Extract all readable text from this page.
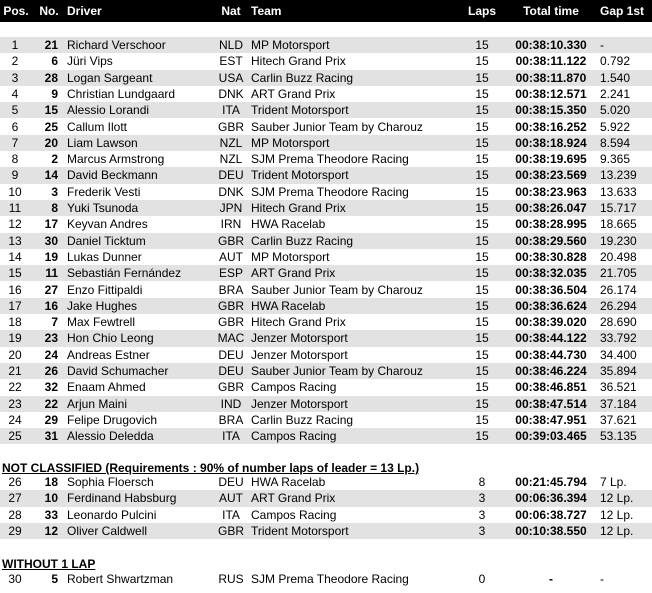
Pos. No. Driver	Nat Team	Laps	Total time	Gap 1st
1	21 Richard Verschoor	NLD MP Motorsport	15	00:38:10.330	-
2	6 Jüri Vips	EST Hitech Grand Prix	15	00:38:11.122	0.792
3	28 Logan Sargeant	USA Carlin Buzz Racing	15	00:38:11.870	1.540
4	9 Christian Lundgaard	DNK ART Grand Prix	15	00:38:12.571	2.241
5	15 Alessio Lorandi	ITA Trident Motorsport	15	00:38:15.350	5.020
6	25 Callum Ilott	GBR Sauber Junior Team by Charouz	15	00:38:16.252	5.922
7	20 Liam Lawson	NZL MP Motorsport	15	00:38:18.924	8.594
8	2 Marcus Armstrong	NZL SJM Prema Theodore Racing	15	00:38:19.695	9.365
9	14 David Beckmann	DEU Trident Motorsport	15	00:38:23.569	13.239
10	3 Frederik Vesti	DNK SJM Prema Theodore Racing	15	00:38:23.963	13.633
11	8 Yuki Tsunoda	JPN Hitech Grand Prix	15	00:38:26.047	15.717
12	17 Keyvan Andres	IRN HWA Racelab	15	00:38:28.995	18.665
13	30 Daniel Ticktum	GBR Carlin Buzz Racing	15	00:38:29.560	19.230
14	19 Lukas Dunner	AUT MP Motorsport	15	00:38:30.828	20.498
15	11 Sebastián Fernández	ESP ART Grand Prix	15	00:38:32.035	21.705
16	27 Enzo Fittipaldi	BRA Sauber Junior Team by Charouz	15	00:38:36.504	26.174
17	16 Jake Hughes	GBR HWA Racelab	15	00:38:36.624	26.294
18	7 Max Fewtrell	GBR Hitech Grand Prix	15	00:38:39.020	28.690
19	23 Hon Chio Leong	MAC Jenzer Motorsport	15	00:38:44.122	33.792
20	24 Andreas Estner	DEU Jenzer Motorsport	15	00:38:44.730	34.400
21	26 David Schumacher	DEU Sauber Junior Team by Charouz	15	00:38:46.224	35.894
22	32 Enaam Ahmed	GBR Campos Racing	15	00:38:46.851	36.521
23	22 Arjun Maini	IND Jenzer Motorsport	15	00:38:47.514	37.184
24	29 Felipe Drugovich	BRA Carlin Buzz Racing	15	00:38:47.951	37.621
25	31 Alessio Deledda	ITA Campos Racing	15	00:39:03.465	53.135
NOT CLASSIFIED (Requirements : 90% of number laps of leader = 13 Lp.)
26	18 Sophia Floersch	DEU HWA Racelab	8	00:21:45.794	7 Lp.
27	10 Ferdinand Habsburg	AUT ART Grand Prix	3	00:06:36.394	12 Lp.
28	33 Leonardo Pulcini	ITA Campos Racing	3	00:06:38.727	12 Lp.
29	12 Oliver Caldwell	GBR Trident Motorsport	3	00:10:38.550	12 Lp.
WITHOUT 1 LAP
30	5 Robert Shwartzman	RUS SJM Prema Theodore Racing	0	-	-
